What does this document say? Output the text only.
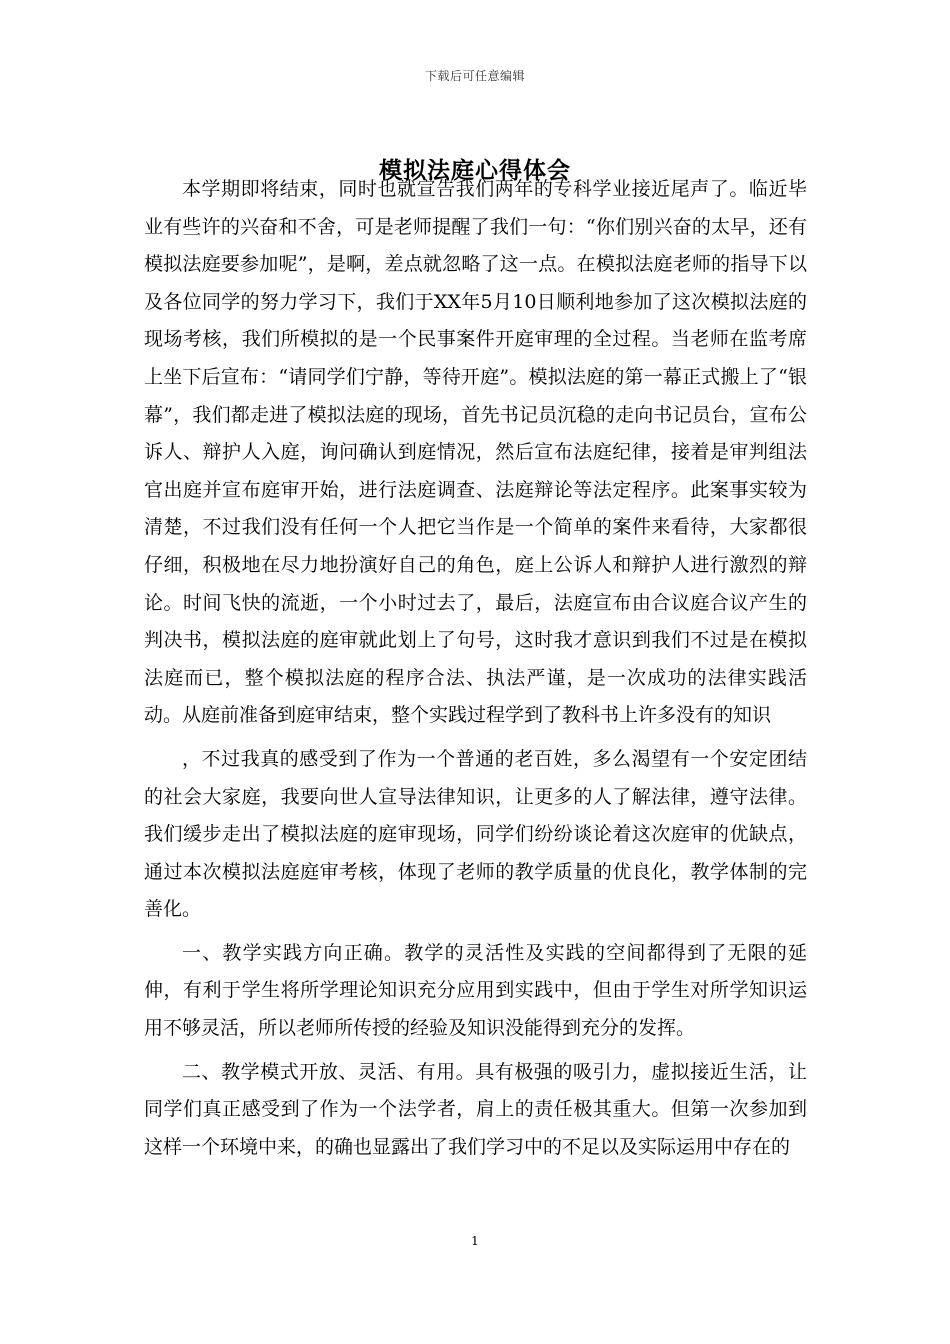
下载后可任意编辑
模拟法庭心得体会

本学期即将结束，同时也就宣告我们两年的专科学业接近尾声了。临近毕业有些许的兴奋和不舍，可是老师提醒了我们一句：“你们别兴奋的太早，还有模拟法庭要参加呢”，是啊，差点就忽略了这一点。在模拟法庭老师的指导下以及各位同学的努力学习下，我们于XX年5月10日顺利地参加了这次模拟法庭的现场考核，我们所模拟的是一个民事案件开庭审理的全过程。当老师在监考席上坐下后宣布：“请同学们宁静，等待开庭”。模拟法庭的第一幕正式搬上了“银幕”，我们都走进了模拟法庭的现场，首先书记员沉稳的走向书记员台，宣布公诉人、辩护人入庭，询问确认到庭情况，然后宣布法庭纪律，接着是审判组法官出庭并宣布庭审开始，进行法庭调查、法庭辩论等法定程序。此案事实较为清楚，不过我们没有任何一个人把它当作是一个简单的案件来看待，大家都很仔细，积极地在尽力地扮演好自己的角色，庭上公诉人和辩护人进行激烈的辩论。时间飞快的流逝，一个小时过去了，最后，法庭宣布由合议庭合议产生的判决书，模拟法庭的庭审就此划上了句号，这时我才意识到我们不过是在模拟法庭而已，整个模拟法庭的程序合法、执法严谨，是一次成功的法律实践活动。从庭前准备到庭审结束，整个实践过程学到了教科书上许多没有的知识

，不过我真的感受到了作为一个普通的老百姓，多么渴望有一个安定团结的社会大家庭，我要向世人宣导法律知识，让更多的人了解法律，遵守法律。我们缓步走出了模拟法庭的庭审现场，同学们纷纷谈论着这次庭审的优缺点，通过本次模拟法庭庭审考核，体现了老师的教学质量的优良化，教学体制的完善化。

一、教学实践方向正确。教学的灵活性及实践的空间都得到了无限的延伸，有利于学生将所学理论知识充分应用到实践中，但由于学生对所学知识运用不够灵活，所以老师所传授的经验及知识没能得到充分的发挥。

二、教学模式开放、灵活、有用。具有极强的吸引力，虚拟接近生活，让同学们真正感受到了作为一个法学者，肩上的责任极其重大。但第一次参加到这样一个环境中来，的确也显露出了我们学习中的不足以及实际运用中存在的

1
